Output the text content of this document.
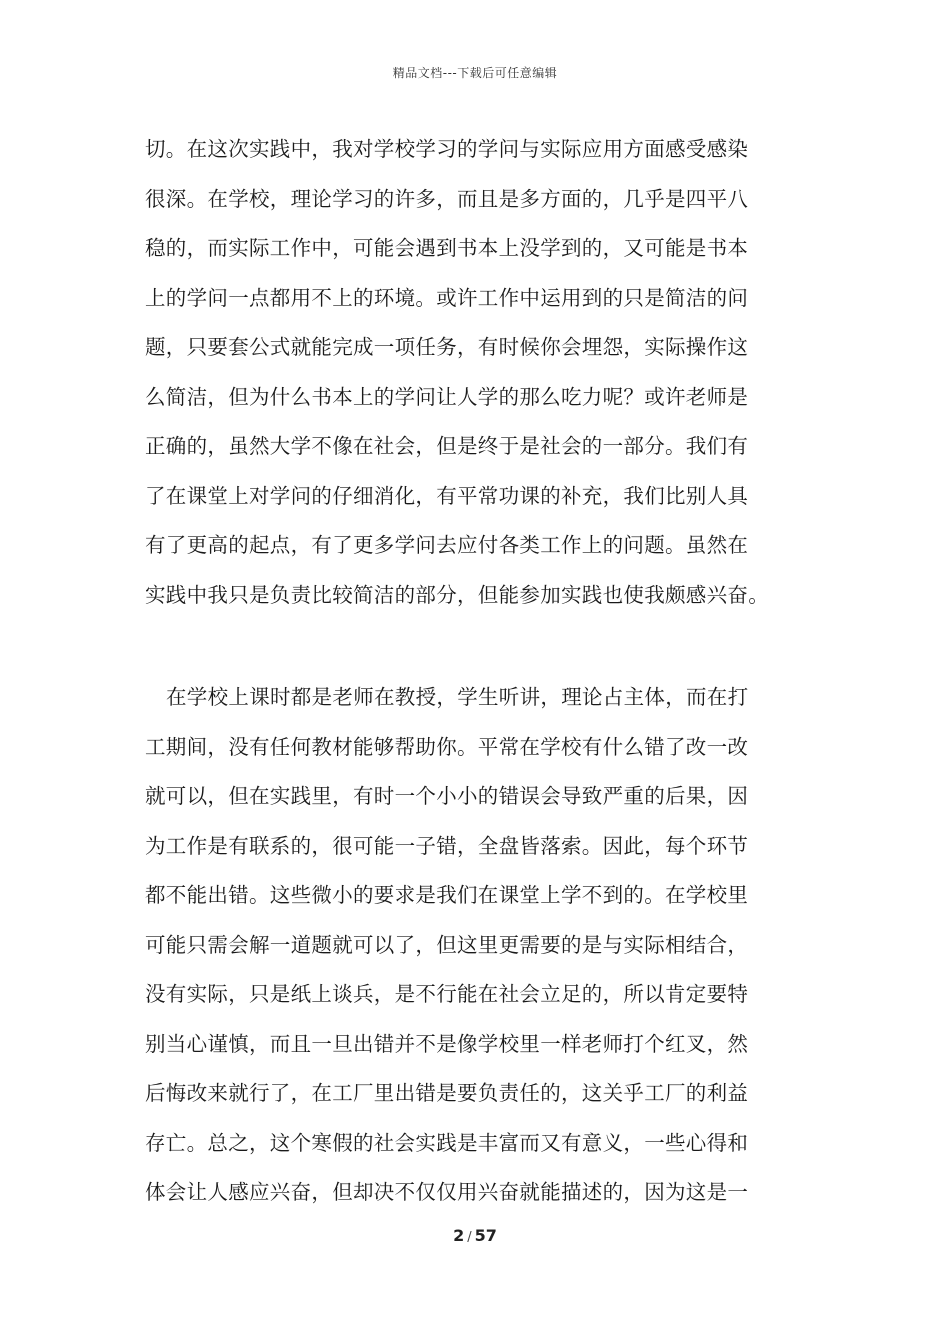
精品文档---下载后可任意编辑
切。在这次实践中，我对学校学习的学问与实际应用方面感受感染
很深。在学校，理论学习的许多，而且是多方面的，几乎是四平八
稳的，而实际工作中，可能会遇到书本上没学到的，又可能是书本
上的学问一点都用不上的环境。或许工作中运用到的只是简洁的问
题，只要套公式就能完成一项任务，有时候你会埋怨，实际操作这
么简洁，但为什么书本上的学问让人学的那么吃力呢？或许老师是
正确的，虽然大学不像在社会，但是终于是社会的一部分。我们有
了在课堂上对学问的仔细消化，有平常功课的补充，我们比别人具
有了更高的起点，有了更多学问去应付各类工作上的问题。虽然在
实践中我只是负责比较简洁的部分，但能参加实践也使我颇感兴奋。
在学校上课时都是老师在教授，学生听讲，理论占主体，而在打
工期间，没有任何教材能够帮助你。平常在学校有什么错了改一改
就可以，但在实践里，有时一个小小的错误会导致严重的后果，因
为工作是有联系的，很可能一子错，全盘皆落索。因此，每个环节
都不能出错。这些微小的要求是我们在课堂上学不到的。在学校里
可能只需会解一道题就可以了，但这里更需要的是与实际相结合，
没有实际，只是纸上谈兵，是不行能在社会立足的，所以肯定要特
别当心谨慎，而且一旦出错并不是像学校里一样老师打个红叉，然
后悔改来就行了，在工厂里出错是要负责任的，这关乎工厂的利益
存亡。总之，这个寒假的社会实践是丰富而又有意义，一些心得和
体会让人感应兴奋，但却决不仅仅用兴奋就能描述的，因为这是一
2 / 57
